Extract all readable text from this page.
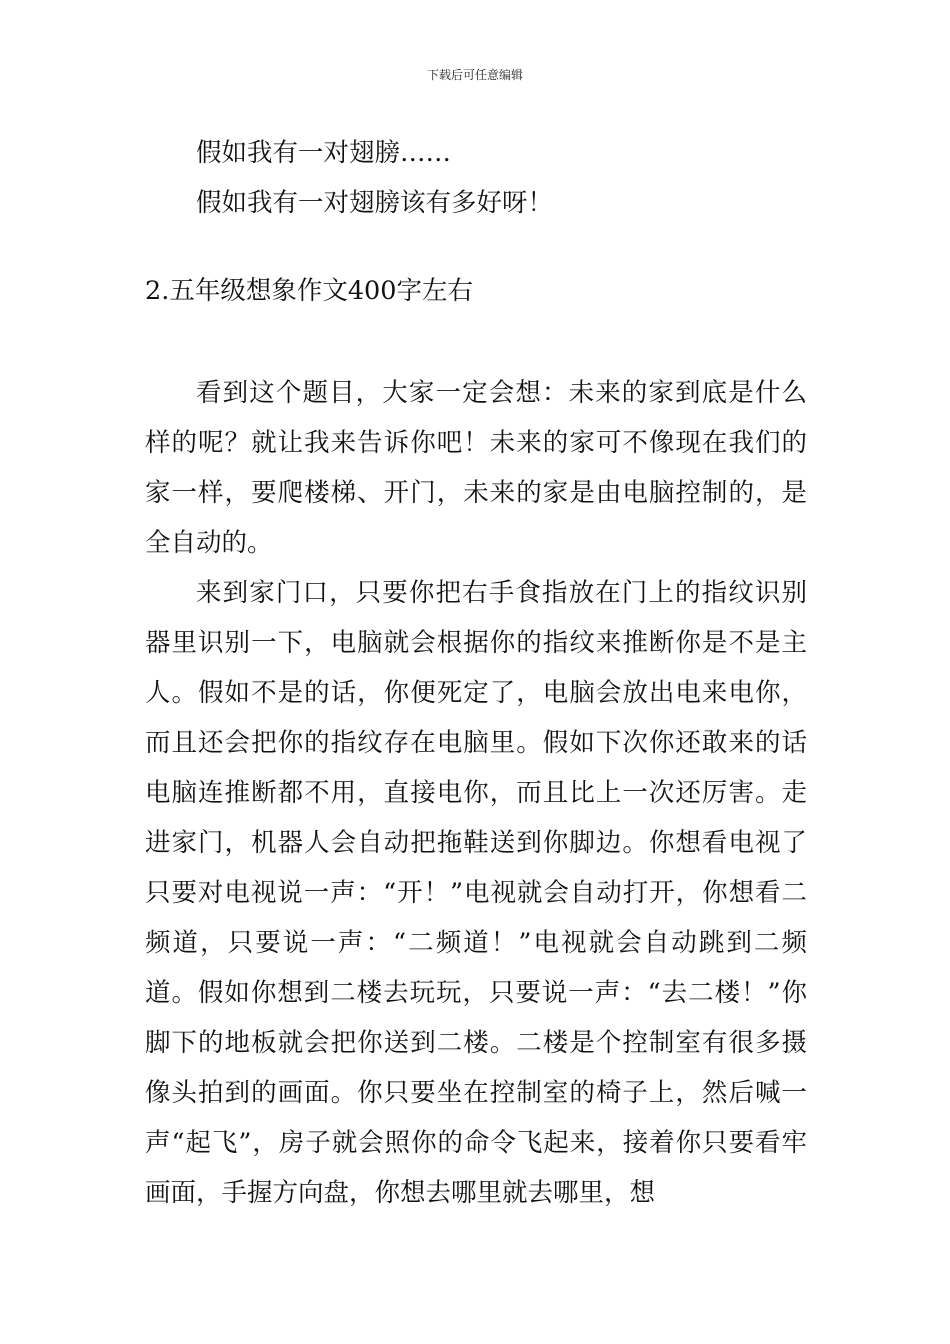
下载后可任意编辑

假如我有一对翅膀……

假如我有一对翅膀该有多好呀！

2.五年级想象作文400字左右

看到这个题目，大家一定会想：未来的家到底是什么样的呢？就让我来告诉你吧！未来的家可不像现在我们的家一样，要爬楼梯、开门，未来的家是由电脑控制的，是全自动的。

来到家门口，只要你把右手食指放在门上的指纹识别器里识别一下，电脑就会根据你的指纹来推断你是不是主人。假如不是的话，你便死定了，电脑会放出电来电你，而且还会把你的指纹存在电脑里。假如下次你还敢来的话电脑连推断都不用，直接电你，而且比上一次还厉害。走进家门，机器人会自动把拖鞋送到你脚边。你想看电视了只要对电视说一声：“开！”电视就会自动打开，你想看二频道，只要说一声：“二频道！”电视就会自动跳到二频道。假如你想到二楼去玩玩，只要说一声：“去二楼！”你脚下的地板就会把你送到二楼。二楼是个控制室有很多摄像头拍到的画面。你只要坐在控制室的椅子上，然后喊一声“起飞”，房子就会照你的命令飞起来，接着你只要看牢画面，手握方向盘，你想去哪里就去哪里，想
